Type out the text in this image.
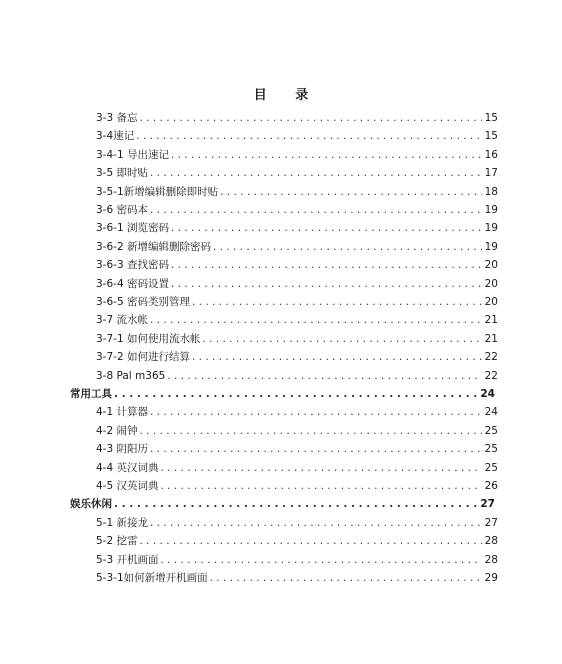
目 录
3-3 备忘 . . .	15
3-4速记 . . .	15
3-4-1 导出速记 . . .	16
3-5 即时贴 . . .	17
3-5-1新增编辑删除即时贴 . . .	18
3-6 密码本 . . .	19
3-6-1 浏览密码 . . .	19
3-6-2 新增编辑删除密码 . . .	19
3-6-3 查找密码 . . .	20
3-6-4 密码设置 . . .	20
3-6-5 密码类别管理 . . .	20
3-7 流水帐 . . .	21
3-7-1 如何使用流水帐 . . .	21
3-7-2 如何进行结算 . . .	22
3-8 Pal m365 . . .	22
常用工具 . . .	24
4-1 计算器 . . .	24
4-2 闹钟 . . .	25
4-3 阴阳历 . . .	25
4-4 英汉词典 . . .	25
4-5 汉英词典 . . .	26
娱乐休闲 . . .	27
5-1 新接龙 . . .	27
5-2 挖雷 . . .	28
5-3 开机画面 . . .	28
5-3-1如何新增开机画面 . . .	29
